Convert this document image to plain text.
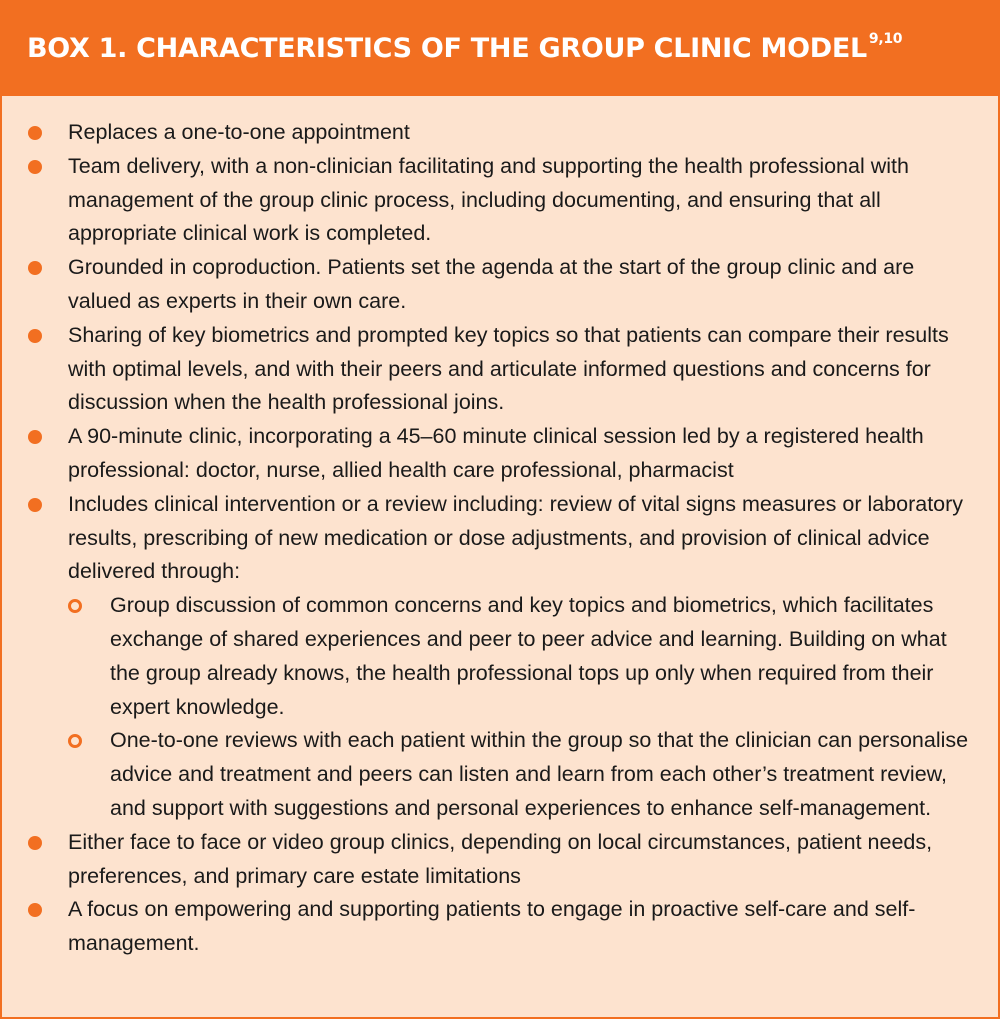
BOX 1. CHARACTERISTICS OF THE GROUP CLINIC MODEL $^{9,10}$
Replaces a one-to-one appointment
Team delivery, with a non-clinician facilitating and supporting the health professional with management of the group clinic process, including documenting, and ensuring that all appropriate clinical work is completed.
Grounded in coproduction. Patients set the agenda at the start of the group clinic and are valued as experts in their own care.
Sharing of key biometrics and prompted key topics so that patients can compare their results with optimal levels, and with their peers and articulate informed questions and concerns for discussion when the health professional joins.
A 90-minute clinic, incorporating a 45–60 minute clinical session led by a registered health professional: doctor, nurse, allied health care professional, pharmacist
Includes clinical intervention or a review including: review of vital signs measures or laboratory results, prescribing of new medication or dose adjustments, and provision of clinical advice delivered through:
Group discussion of common concerns and key topics and biometrics, which facilitates exchange of shared experiences and peer to peer advice and learning. Building on what the group already knows, the health professional tops up only when required from their expert knowledge.
One-to-one reviews with each patient within the group so that the clinician can personalise advice and treatment and peers can listen and learn from each other’s treatment review, and support with suggestions and personal experiences to enhance self-management.
Either face to face or video group clinics, depending on local circumstances, patient needs, preferences, and primary care estate limitations
A focus on empowering and supporting patients to engage in proactive self-care and self-management.
